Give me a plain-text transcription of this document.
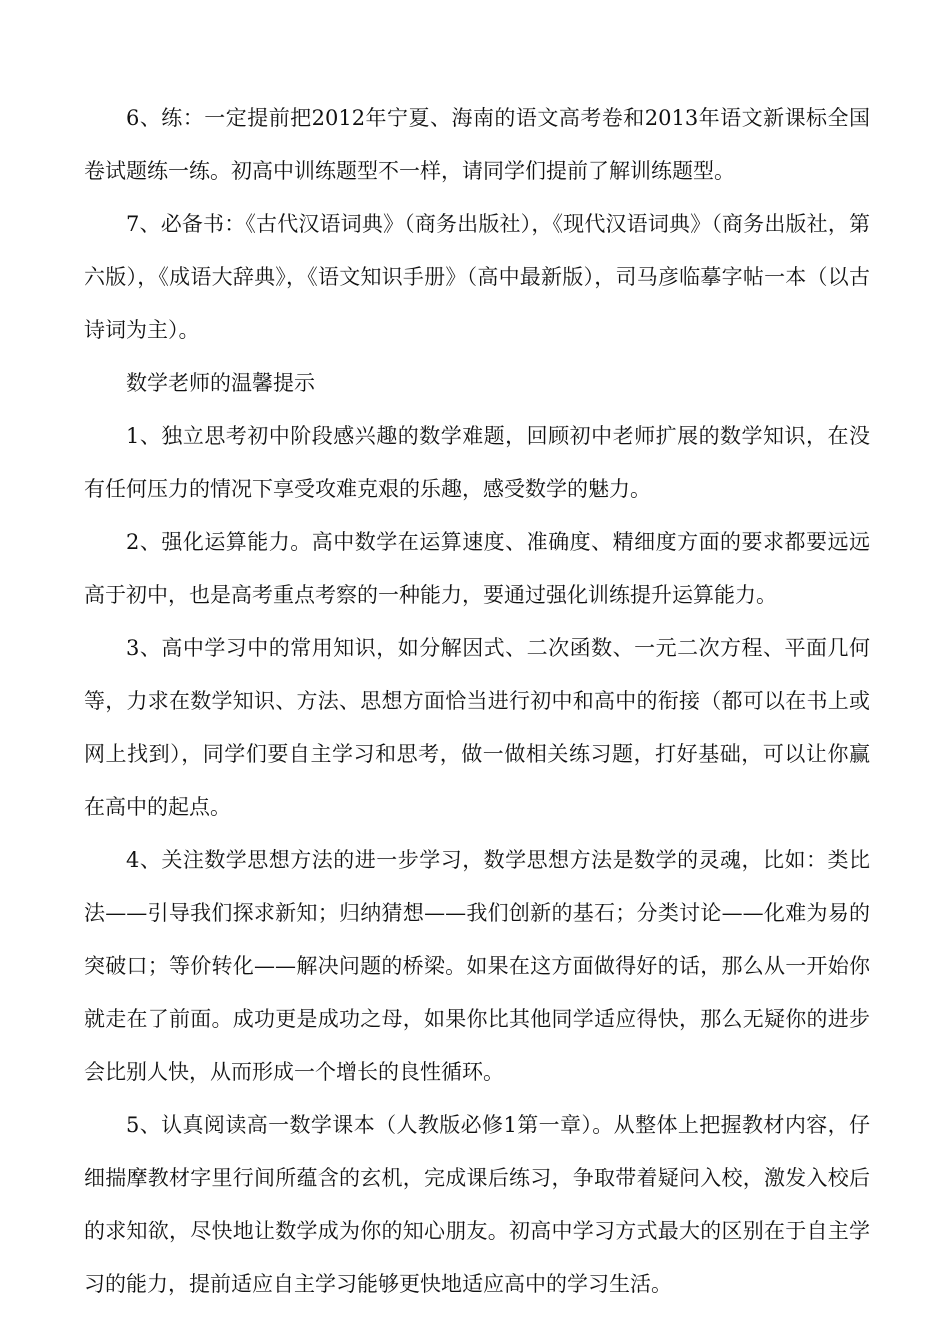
6、练：一定提前把2012年宁夏、海南的语文高考卷和2013年语文新课标全国卷试题练一练。初高中训练题型不一样，请同学们提前了解训练题型。

7、必备书：《古代汉语词典》（商务出版社），《现代汉语词典》（商务出版社，第六版），《成语大辞典》，《语文知识手册》（高中最新版），司马彦临摹字帖一本（以古诗词为主）。

数学老师的温馨提示

1、独立思考初中阶段感兴趣的数学难题，回顾初中老师扩展的数学知识，在没有任何压力的情况下享受攻难克艰的乐趣，感受数学的魅力。

2、强化运算能力。高中数学在运算速度、准确度、精细度方面的要求都要远远高于初中，也是高考重点考察的一种能力，要通过强化训练提升运算能力。

3、高中学习中的常用知识，如分解因式、二次函数、一元二次方程、平面几何等，力求在数学知识、方法、思想方面恰当进行初中和高中的衔接（都可以在书上或网上找到），同学们要自主学习和思考，做一做相关练习题，打好基础，可以让你赢在高中的起点。

4、关注数学思想方法的进一步学习，数学思想方法是数学的灵魂，比如：类比法——引导我们探求新知；归纳猜想——我们创新的基石；分类讨论——化难为易的突破口；等价转化——解决问题的桥梁。如果在这方面做得好的话，那么从一开始你就走在了前面。成功更是成功之母，如果你比其他同学适应得快，那么无疑你的进步会比别人快，从而形成一个增长的良性循环。

5、认真阅读高一数学课本（人教版必修1第一章）。从整体上把握教材内容，仔细揣摩教材字里行间所蕴含的玄机，完成课后练习，争取带着疑问入校，激发入校后的求知欲，尽快地让数学成为你的知心朋友。初高中学习方式最大的区别在于自主学习的能力，提前适应自主学习能够更快地适应高中的学习生活。
